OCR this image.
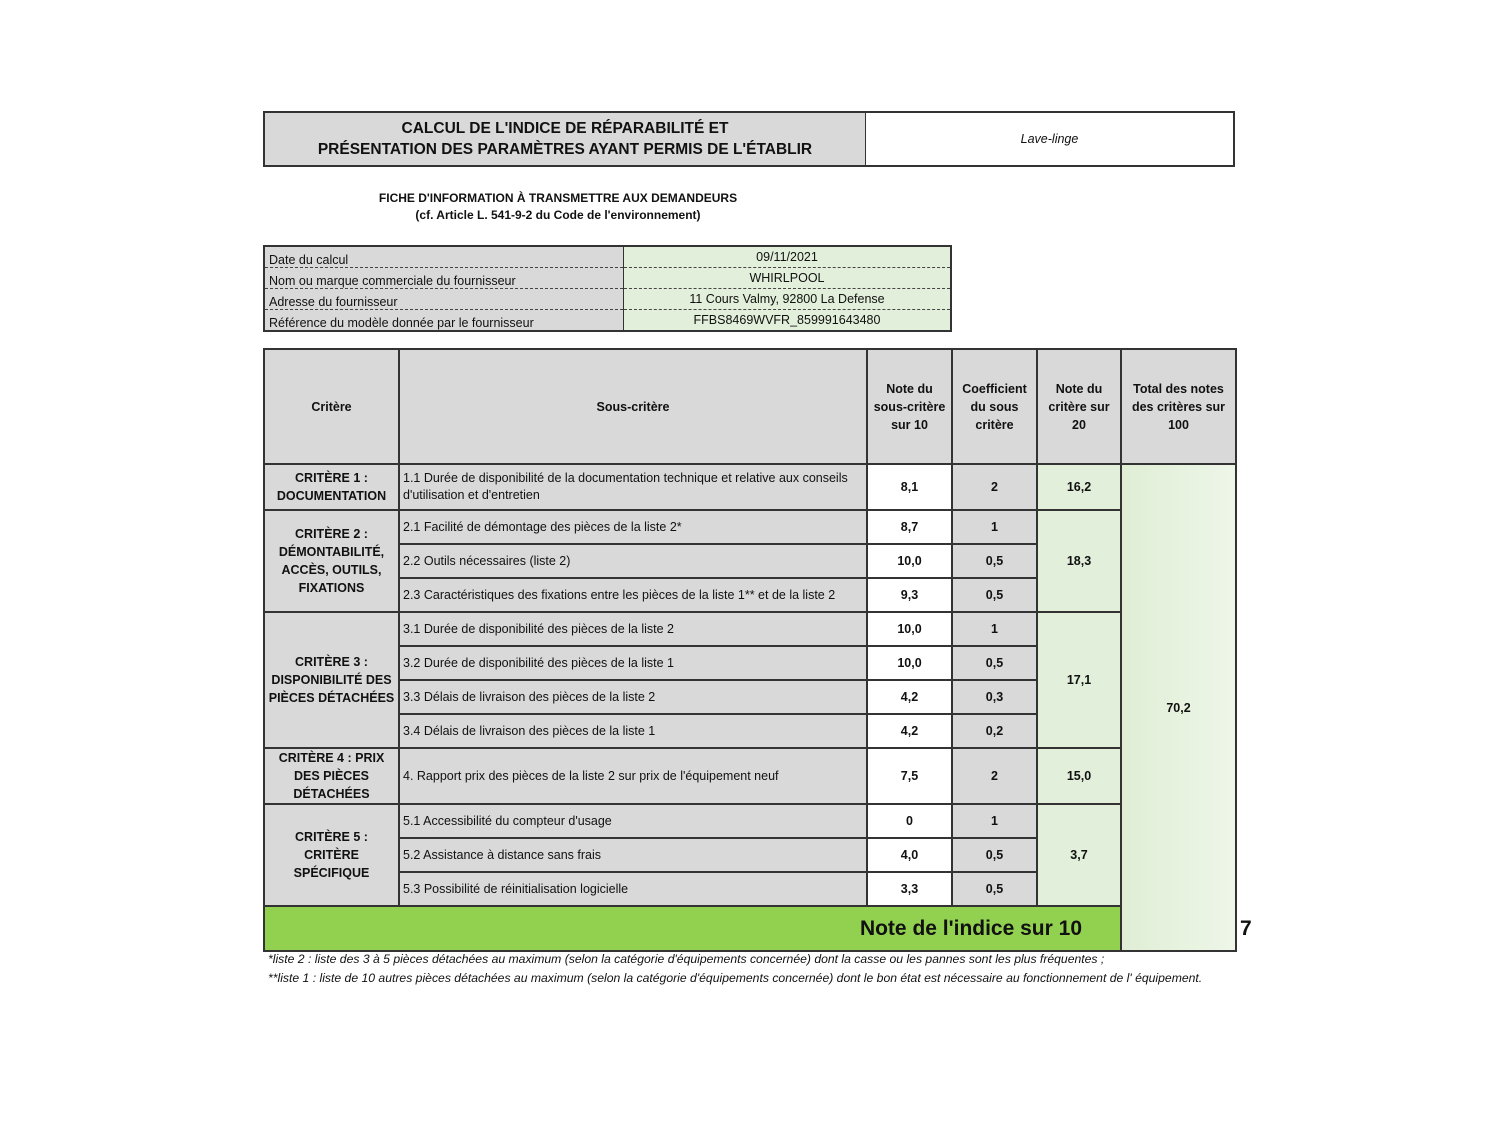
CALCUL DE L'INDICE DE RÉPARABILITÉ ET
PRÉSENTATION DES PARAMÈTRES AYANT PERMIS DE L'ÉTABLIR
Lave-linge
FICHE D'INFORMATION À TRANSMETTRE AUX DEMANDEURS
(cf. Article L. 541-9-2 du Code de l'environnement)
Date du calcul	09/11/2021
Nom ou marque commerciale du fournisseur	WHIRLPOOL
Adresse du fournisseur	11 Cours Valmy, 92800 La Defense
Référence du modèle donnée par le fournisseur	FFBS8469WVFR_859991643480
Critère	Sous-critère	Note du sous-critère sur 10	Coefficient du sous critère	Note du critère sur 20	Total des notes des critères sur 100	
CRITÈRE 1 : DOCUMENTATION	1.1 Durée de disponibilité de la documentation technique et relative aux conseils d'utilisation et d'entretien	8,1	2	16,2	70,2	
CRITÈRE 2 : DÉMONTABILITÉ, ACCÈS, OUTILS, FIXATIONS	2.1 Facilité de démontage des pièces de la liste 2*	8,7	1	18,3		
	2.2 Outils nécessaires (liste 2)	10,0	0,5			
	2.3 Caractéristiques des fixations entre les pièces de la liste 1** et de la liste 2	9,3	0,5			
CRITÈRE 3 : DISPONIBILITÉ DES PIÈCES DÉTACHÉES	3.1 Durée de disponibilité des pièces de la liste 2	10,0	1	17,1		
	3.2 Durée de disponibilité des pièces de la liste 1	10,0	0,5			
	3.3 Délais de livraison des pièces de la liste 2	4,2	0,3			
	3.4 Délais de livraison des pièces de la liste 1	4,2	0,2			
CRITÈRE 4 : PRIX DES PIÈCES DÉTACHÉES	4. Rapport prix des pièces de la liste 2 sur prix de l'équipement neuf	7,5	2	15,0		
CRITÈRE 5 : CRITÈRE SPÉCIFIQUE	5.1 Accessibilité du compteur d'usage	0	1	3,7		
	5.2 Assistance à distance sans frais	4,0	0,5			
	5.3 Possibilité de réinitialisation logicielle	3,3	0,5			
Note de l'indice sur 10						7
*liste 2 : liste des 3 à 5 pièces détachées au maximum (selon la catégorie d'équipements concernée) dont la casse ou les pannes sont les plus fréquentes ;
**liste 1 : liste de 10 autres pièces détachées au maximum (selon la catégorie d'équipements concernée) dont le bon état est nécessaire au fonctionnement de l' équipement.
